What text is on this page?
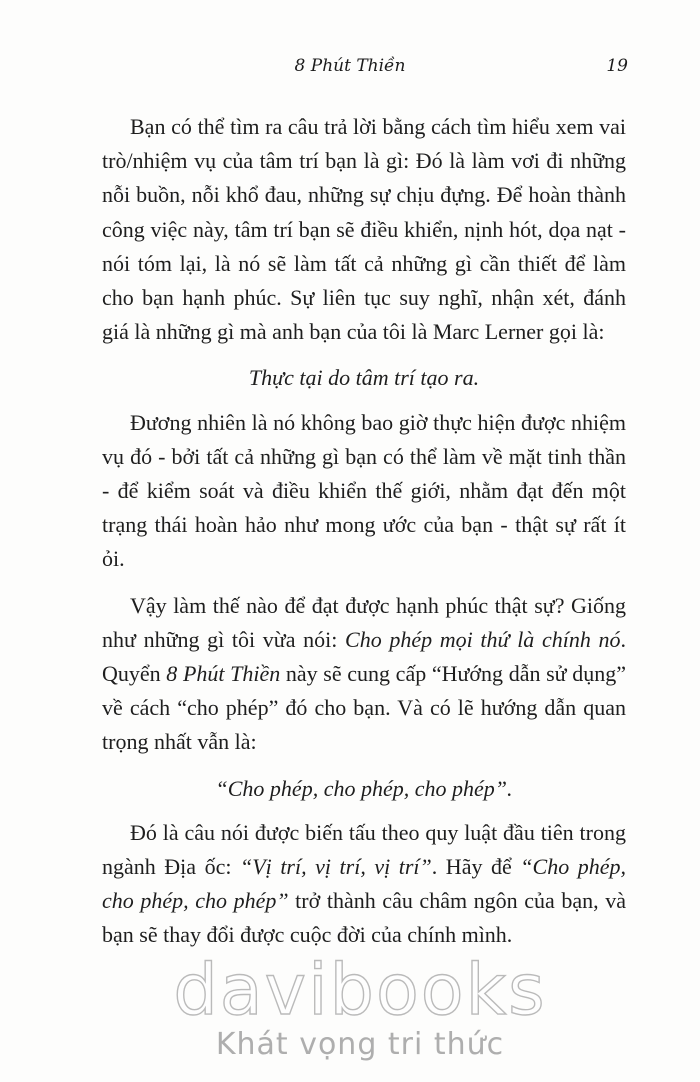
8 Phút Thiền	19

Bạn có thể tìm ra câu trả lời bằng cách tìm hiểu xem vai trò/nhiệm vụ của tâm trí bạn là gì: Đó là làm vơi đi những nỗi buồn, nỗi khổ đau, những sự chịu đựng. Để hoàn thành công việc này, tâm trí bạn sẽ điều khiển, nịnh hót, dọa nạt - nói tóm lại, là nó sẽ làm tất cả những gì cần thiết để làm cho bạn hạnh phúc. Sự liên tục suy nghĩ, nhận xét, đánh giá là những gì mà anh bạn của tôi là Marc Lerner gọi là:

Thực tại do tâm trí tạo ra.

Đương nhiên là nó không bao giờ thực hiện được nhiệm vụ đó - bởi tất cả những gì bạn có thể làm về mặt tinh thần - để kiểm soát và điều khiển thế giới, nhằm đạt đến một trạng thái hoàn hảo như mong ước của bạn - thật sự rất ít ỏi.

Vậy làm thế nào để đạt được hạnh phúc thật sự? Giống như những gì tôi vừa nói: Cho phép mọi thứ là chính nó. Quyển 8 Phút Thiền này sẽ cung cấp “Hướng dẫn sử dụng” về cách “cho phép” đó cho bạn. Và có lẽ hướng dẫn quan trọng nhất vẫn là:

“Cho phép, cho phép, cho phép”.

Đó là câu nói được biến tấu theo quy luật đầu tiên trong ngành Địa ốc: “Vị trí, vị trí, vị trí”. Hãy để “Cho phép, cho phép, cho phép” trở thành câu châm ngôn của bạn, và bạn sẽ thay đổi được cuộc đời của chính mình.

davibooks
Khát vọng tri thức
